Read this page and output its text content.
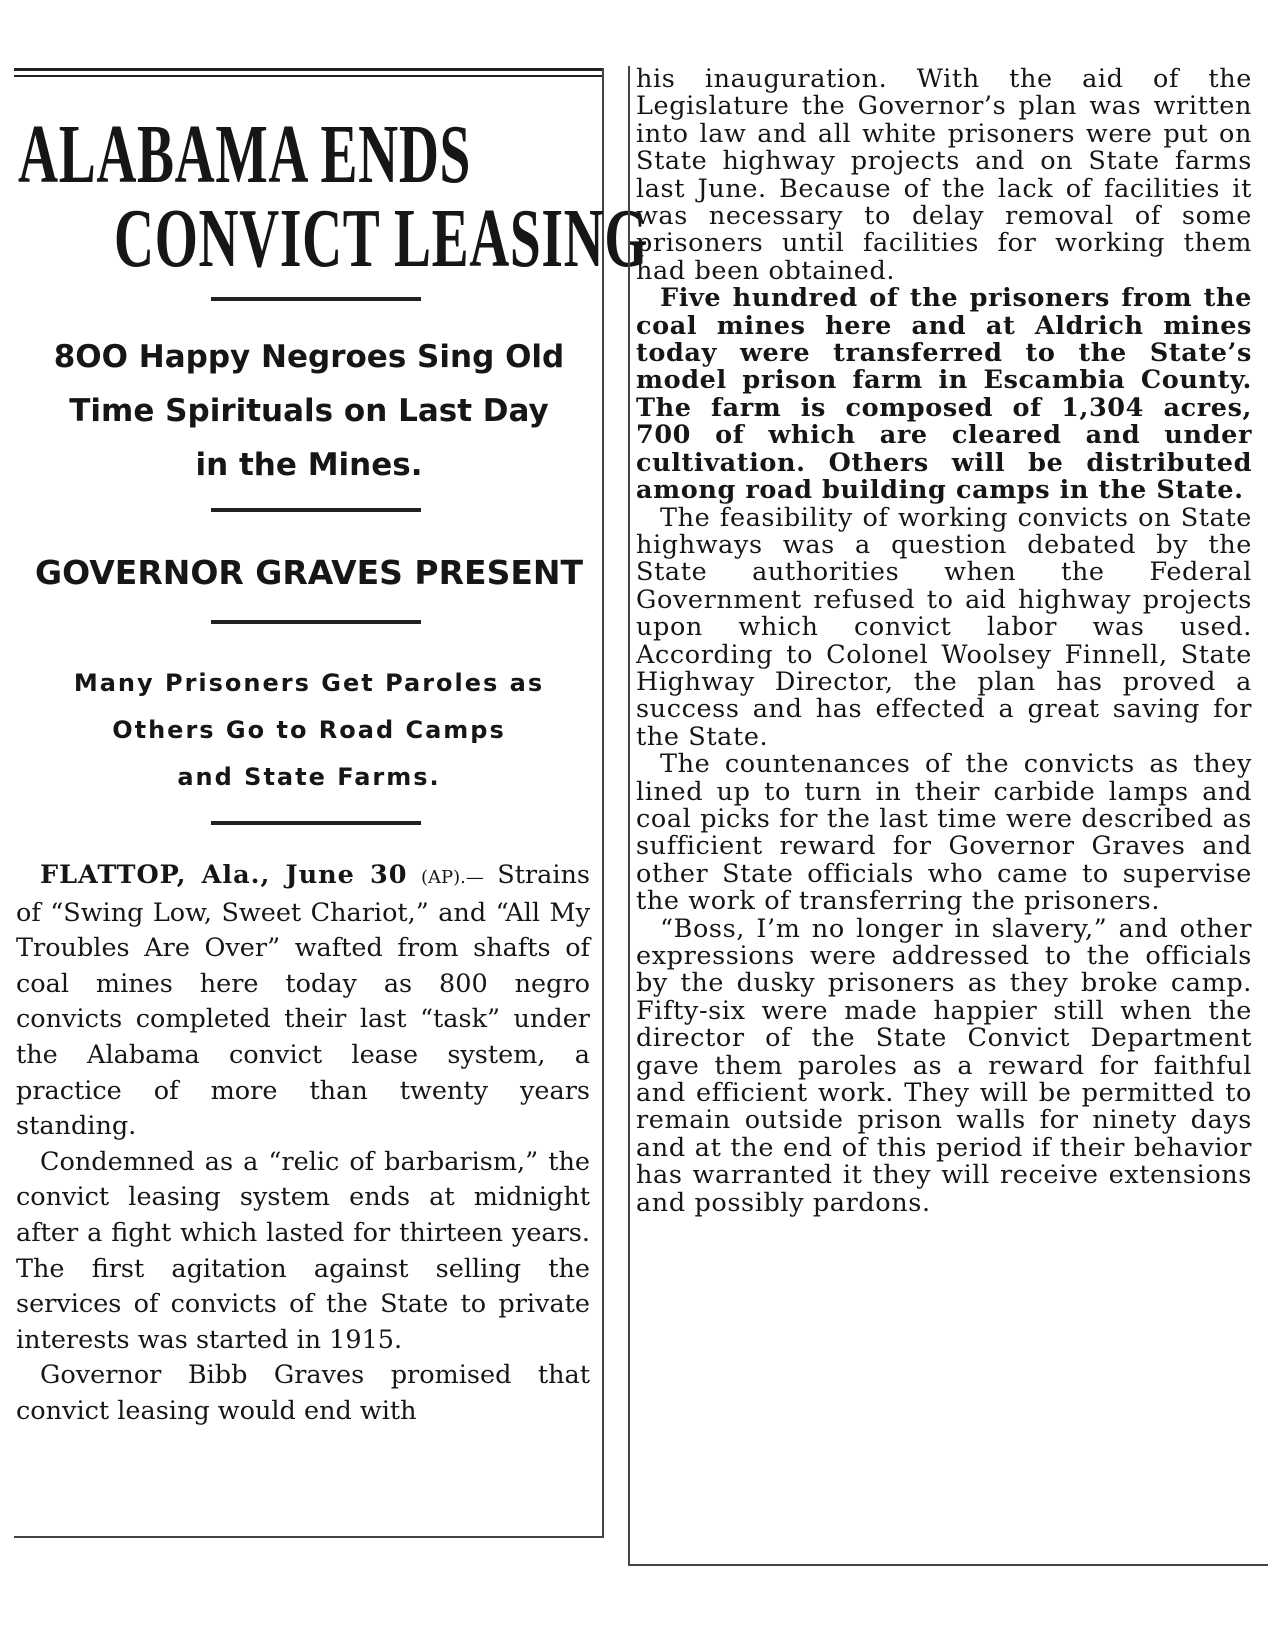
ALABAMA ENDS
CONVICT LEASING
8OO Happy Negroes Sing Old
Time Spirituals on Last Day
in the Mines.
GOVERNOR GRAVES PRESENT
Many Prisoners Get Paroles as
Others Go to Road Camps
and State Farms.

FLATTOP, Ala., June 30 (AP).— Strains of “Swing Low, Sweet Chariot,” and “All My Troubles Are Over” wafted from shafts of coal mines here today as 800 negro convicts completed their last “task” under the Alabama convict lease system, a practice of more than twenty years standing.

Condemned as a “relic of barbarism,” the convict leasing system ends at midnight after a fight which lasted for thirteen years. The first agitation against selling the services of convicts of the State to private interests was started in 1915.

Governor Bibb Graves promised that convict leasing would end with

his inauguration. With the aid of the Legislature the Governor’s plan was written into law and all white prisoners were put on State highway projects and on State farms last June. Because of the lack of facilities it was necessary to delay removal of some prisoners until facilities for working them had been obtained.

Five hundred of the prisoners from the coal mines here and at Aldrich mines today were transferred to the State’s model prison farm in Escambia County. The farm is composed of 1,304 acres, 700 of which are cleared and under cultivation. Others will be distributed among road building camps in the State.

The feasibility of working convicts on State highways was a question debated by the State authorities when the Federal Government refused to aid highway projects upon which convict labor was used. According to Colonel Woolsey Finnell, State Highway Director, the plan has proved a success and has effected a great saving for the State.

The countenances of the convicts as they lined up to turn in their carbide lamps and coal picks for the last time were described as sufficient reward for Governor Graves and other State officials who came to supervise the work of transferring the prisoners.

“Boss, I’m no longer in slavery,” and other expressions were addressed to the officials by the dusky prisoners as they broke camp. Fifty-six were made happier still when the director of the State Convict Department gave them paroles as a reward for faithful and efficient work. They will be permitted to remain outside prison walls for ninety days and at the end of this period if their behavior has warranted it they will receive extensions and possibly pardons.
